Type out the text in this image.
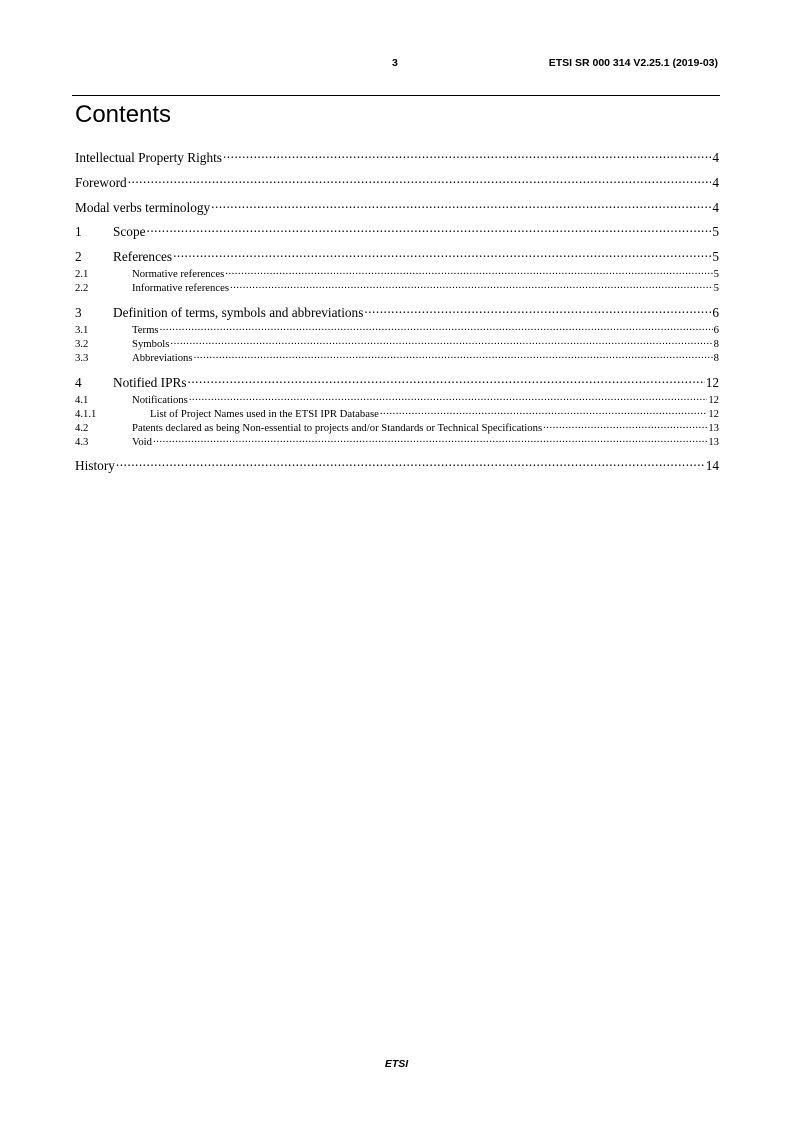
3	ETSI SR 000 314 V2.25.1 (2019-03)
Contents
Intellectual Property Rights .....	4
Foreword .....	4
Modal verbs terminology .....	4
1	Scope .....	5
2	References .....	5
2.1	Normative references .....	5
2.2	Informative references .....	5
3	Definition of terms, symbols and abbreviations .....	6
3.1	Terms .....	6
3.2	Symbols .....	8
3.3	Abbreviations .....	8
4	Notified IPRs .....	12
4.1	Notifications .....	12
4.1.1	List of Project Names used in the ETSI IPR Database .....	12
4.2	Patents declared as being Non-essential to projects and/or Standards or Technical Specifications .....	13
4.3	Void .....	13
History .....	14
ETSI
